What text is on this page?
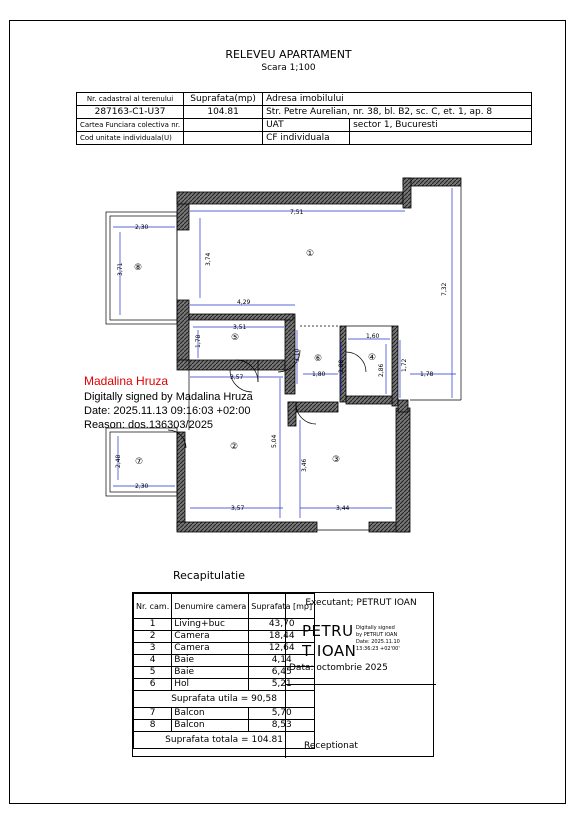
RELEVEU APARTAMENT
Scara 1;100
Nr. cadastral al terenului	Suprafata(mp)	Adresa imobilului	
287163-C1-U37	104.81	Str. Petre Aurelian, nr. 38, bl. B2, sc. C, et. 1, ap. 8	
Cartea Funciara colectiva nr.		UAT	sector 1, Bucuresti
Cod unitate individuala(U)		CF individuala	
7,51
2,30
3,71
3,74
4,29
7,32
3,51
1,78
3,10
1,60
2,88	2,86
1,80
1,72
1,78
3,57
2,48
2,30
5,04
3,46
3,57	3,44
①
②
③
④
⑤
⑥
⑦
⑧
Madalina Hruza
Digitally signed by Madalina Hruza
Date: 2025.11.13 09:16:03 +02:00
Reason: dos.136303/2025
Recapitulatie
Nr. cam.	Denumire camera	Suprafata [mp]
1	Living+buc	43,70
2	Camera	18,44
3	Camera	12,64
4	Baie	4,14
5	Baie	6,45
6	Hol	5,21
Suprafata utila = 90,58		
7	Balcon	5,70
8	Balcon	8,53
Suprafata totala = 104.81		
Executant; PETRUT IOAN
PETRU
T IOAN
Digitally signed
by PETRUT IOAN
Date: 2025.11.10
13:36:23 +02'00'
Data: octombrie 2025
Receptionat
